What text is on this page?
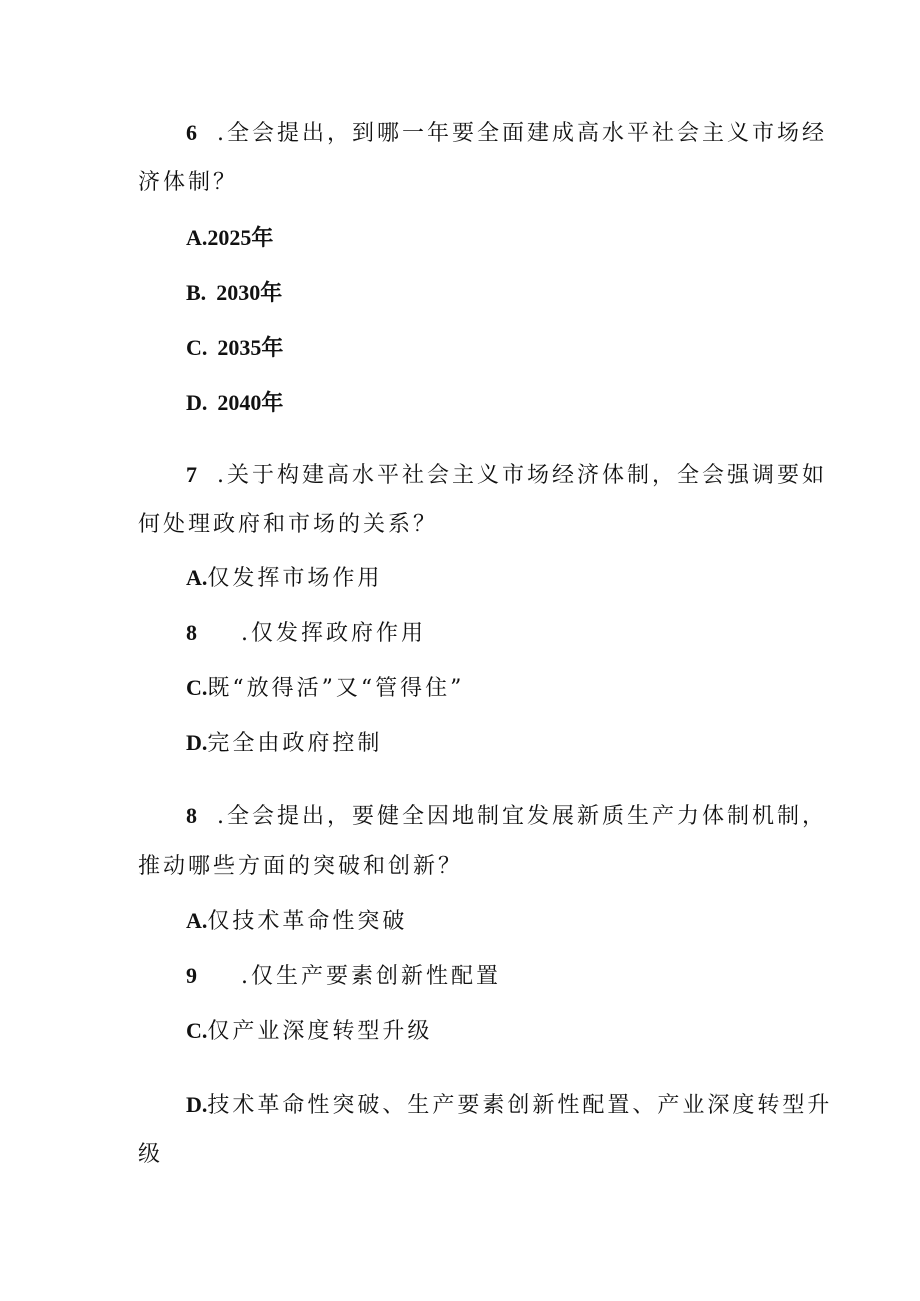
6 .全会提出，到哪一年要全面建成高水平社会主义市场经
济体制？
A.2025年
B. 2030年
C. 2035年
D. 2040年
7 .关于构建高水平社会主义市场经济体制，全会强调要如
何处理政府和市场的关系？
A.仅发挥市场作用
8 .仅发挥政府作用
C.既“放得活”又“管得住”
D.完全由政府控制
8 .全会提出，要健全因地制宜发展新质生产力体制机制，
推动哪些方面的突破和创新？
A.仅技术革命性突破
9 .仅生产要素创新性配置
C.仅产业深度转型升级
D.技术革命性突破、生产要素创新性配置、产业深度转型升
级
